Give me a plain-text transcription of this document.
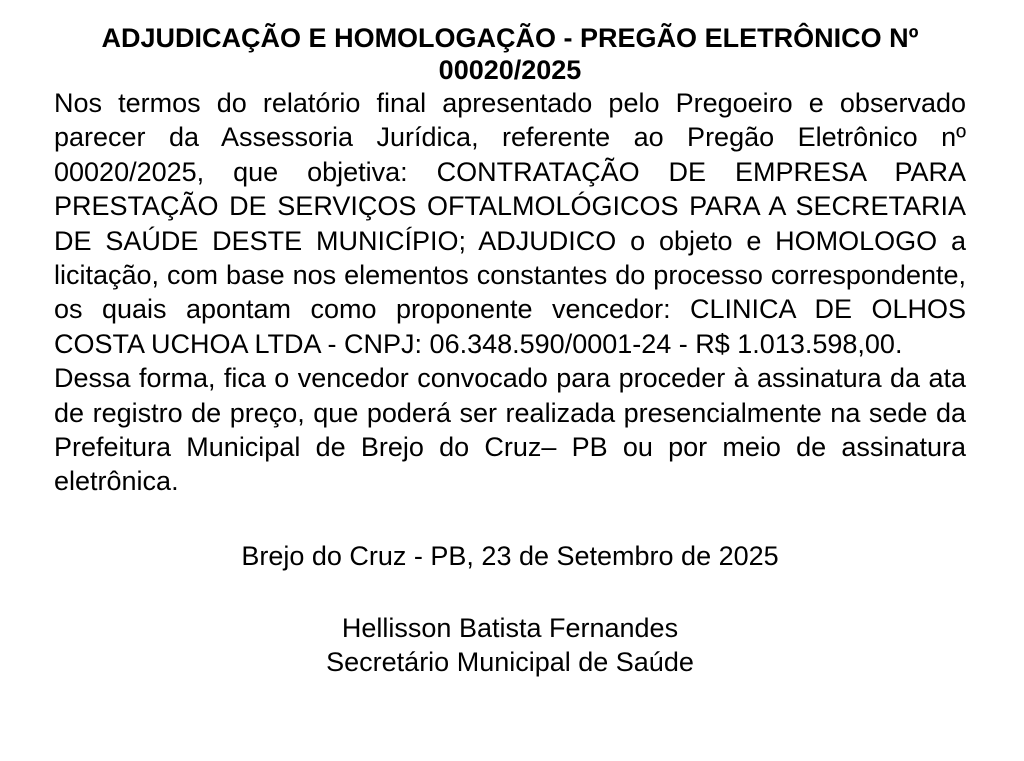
ADJUDICAÇÃO E HOMOLOGAÇÃO - PREGÃO ELETRÔNICO Nº 00020/2025

Nos termos do relatório final apresentado pelo Pregoeiro e observado parecer da Assessoria Jurídica, referente ao Pregão Eletrônico nº 00020/2025, que objetiva: CONTRATAÇÃO DE EMPRESA PARA PRESTAÇÃO DE SERVIÇOS OFTALMOLÓGICOS PARA A SECRETARIA DE SAÚDE DESTE MUNICÍPIO; ADJUDICO o objeto e HOMOLOGO a licitação, com base nos elementos constantes do processo correspondente, os quais apontam como proponente vencedor: CLINICA DE OLHOS COSTA UCHOA LTDA - CNPJ: 06.348.590/0001-24 - R$ 1.013.598,00.

Dessa forma, fica o vencedor convocado para proceder à assinatura da ata de registro de preço, que poderá ser realizada presencialmente na sede da Prefeitura Municipal de Brejo do Cruz– PB ou por meio de assinatura eletrônica.

Brejo do Cruz - PB, 23 de Setembro de 2025

Hellisson Batista Fernandes

Secretário Municipal de Saúde
